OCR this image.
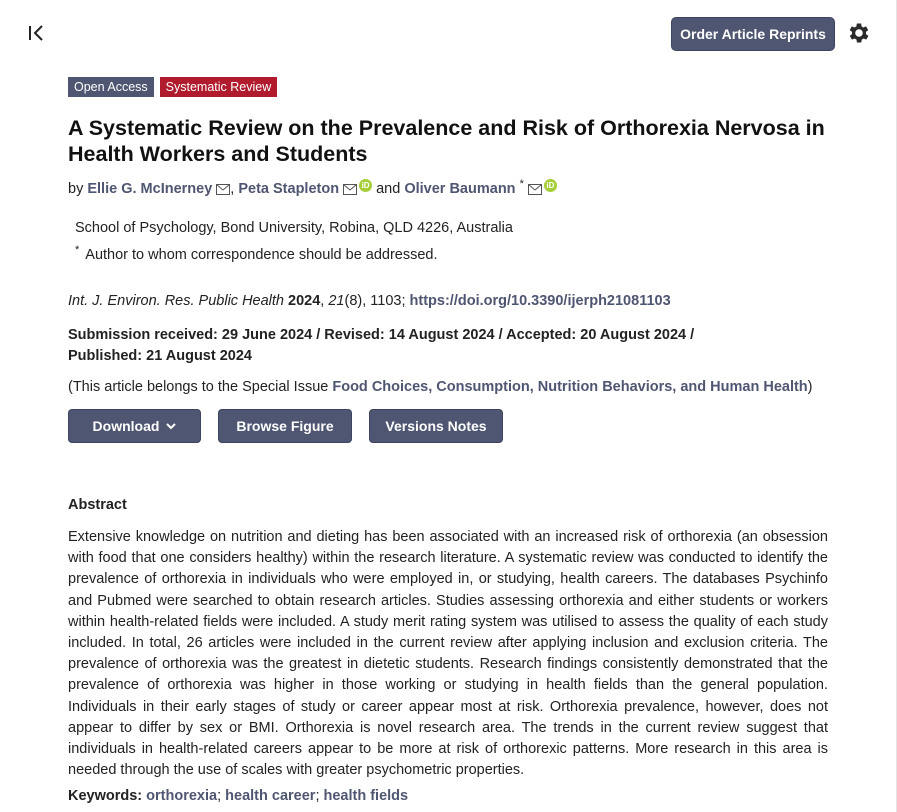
Order Article Reprints
Open Access	Systematic Review
A Systematic Review on the Prevalence and Risk of Orthorexia Nervosa in Health Workers and Students
by Ellie G. McInerney , Peta Stapleton	iD and Oliver Baumann *	iD
School of Psychology, Bond University, Robina, QLD 4226, Australia
* Author to whom correspondence should be addressed.
Int. J. Environ. Res. Public Health 2024, 21(8), 1103; https://doi.org/10.3390/ijerph21081103
Submission received: 29 June 2024 / Revised: 14 August 2024 / Accepted: 20 August 2024 /
Published: 21 August 2024
(This article belongs to the Special Issue Food Choices, Consumption, Nutrition Behaviors, and Human Health)
Download	Browse Figure	Versions Notes
Abstract

Extensive knowledge on nutrition and dieting has been associated with an increased risk of orthorexia (an obsession with food that one considers healthy) within the research literature. A systematic review was conducted to identify the prevalence of orthorexia in individuals who were employed in, or studying, health careers. The databases Psychinfo and Pubmed were searched to obtain research articles. Studies assessing orthorexia and either students or workers within health-related fields were included. A study merit rating system was utilised to assess the quality of each study included. In total, 26 articles were included in the current review after applying inclusion and exclusion criteria. The prevalence of orthorexia was the greatest in dietetic students. Research findings consistently demonstrated that the prevalence of orthorexia was higher in those working or studying in health fields than the general population. Individuals in their early stages of study or career appear most at risk. Orthorexia prevalence, however, does not appear to differ by sex or BMI. Orthorexia is novel research area. The trends in the current review suggest that individuals in health-related careers appear to be more at risk of orthorexic patterns. More research in this area is needed through the use of scales with greater psychometric properties.

Keywords: orthorexia; health career; health fields
